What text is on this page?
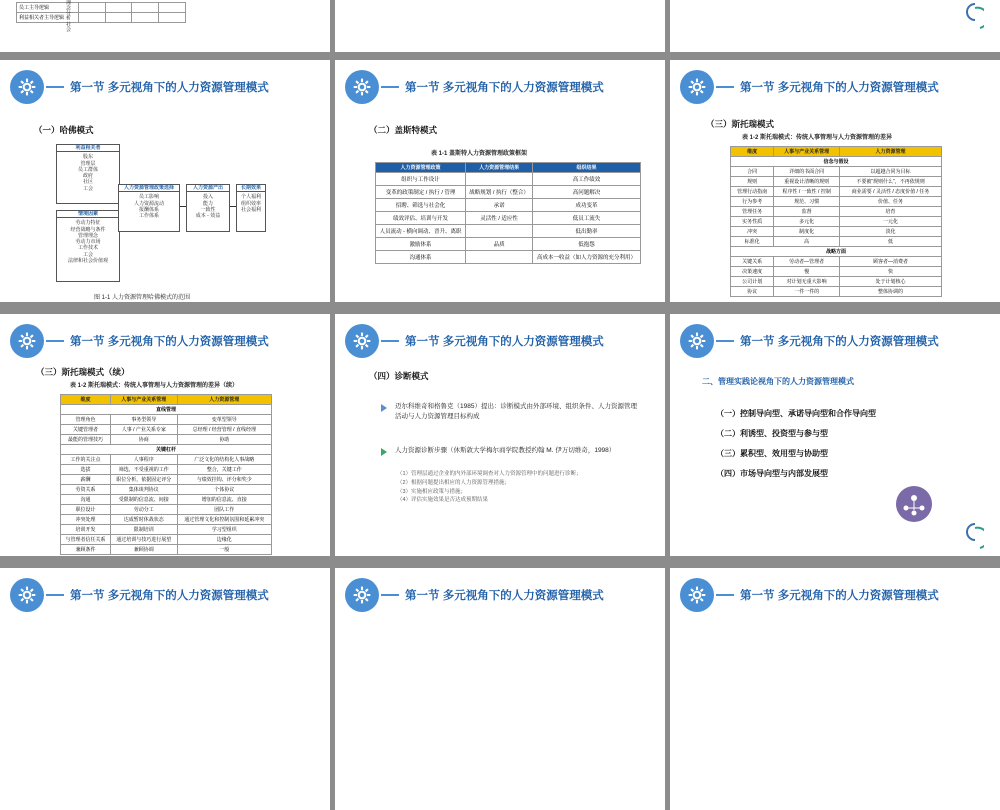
员工主导逻辑				
利益相关者主导逻辑				理念分析 社会
第一节 多元视角下的人力资源管理模式
（一）哈佛模式
利益相关者
股东
管理层
员工群体
政府
社区
工会
情境因素
劳动力特征
经营战略与条件
管理理念
劳动力市场
工作技术
工会
法律和社会价值观
人力资源管理政策选择
员工影响
人力资源流动
报酬体系
工作体系
人力资源产出
投入
能力
一致性
成本 - 效益
长期效果
个人福利
组织效率
社会福利
图 1-1 人力资源管理哈佛模式的范围
第一节 多元视角下的人力资源管理模式
（二）盖斯特模式
表 1-1 盖斯特人力资源管理政策框架
人力资源管理政策	人力资源管理结果	组织结果
组织与工作设计		高工作绩效
变革的政策制定 / 执行 / 管理	战略规划 / 执行（整合）	高问题解决
招聘、筛选与社会化	承诺	成功变革
绩效评估、培训与开发	灵活性 / 适应性	低员工流失
人员流动 - 横向调动、晋升、离职		低出勤率
激励体系	品质	低抱怨
沟通体系		高成本一收益（如人力资源的充分利用）
第一节 多元视角下的人力资源管理模式
（三）斯托瑞模式
表 1-2 斯托瑞模式：传统人事管理与人力资源管理的差异
维度	人事与产业关系管理	人力资源管理
信念与假设		
合同	详细的书面合同	以超越合同为目标
规则	重视设计清晰的规则	不要被“规则什么”，不再依规则
管理行动指南	程序性 / 一致性 / 控制	商业需要 / 灵活性 / 态度价值 / 任务
行为参考	规范、习惯	价值、任务
管理任务	监督	培育
实务性质	多元化	一元化
冲突	制度化	淡化
标准化	高	低
战略方面		
关键关系	劳动者—管理者	顾客者—消费者
决策速度	慢	快
公司计划	对计划无重大影响	处于计划核心
协议	一件一件的	整体协调的
第一节 多元视角下的人力资源管理模式
（三）斯托瑞模式（续）
表 1-2 斯托瑞模式：传统人事管理与人力资源管理的差异（续）
维度	人事与产业关系管理	人力资源管理
直线管理		
管理角色	事务型领导	变革型领导
关键管理者	人事 / 产业关系专家	总经理 / 经营管理 / 直线经理
最能的管理技巧	协商	协助
关键杠杆		
工作的关注点	人事程序	广泛文化的结构化人事战略
选拔	筛选，不受重视的工作	整合，关键工作
薪酬	职位分析，依据固定评分	与绩效挂钩、评分和奖少
劳资关系	集体谈判协议	个体协议
沟通	受限制的信息流、间接	增加的信息流、直接
职位设计	劳动分工	团队工作
冲突处理	达成暂时休战状态	通过管理文化和控制氛围和延累冲突
培训开发	限制培训	学习型组织
与管理者信任关系	通过培训与技巧进行展望	边缘化
兼顾条件	兼顾协调	一般
第一节 多元视角下的人力资源管理模式
（四）诊断模式
迈尔科维奇和格鲁克（1985）提出：诊断模式由外部环境、组织条件、人力资源管理活动与人力资源管理目标构成
人力资源诊断步骤（休斯敦大学梅尔商学院教授约翰 M. 伊万切维奇，1998）
（1）管理层通过企业的内外部环境调查对人力资源管理中的问题进行诊断；
（2）根据问题提出相应的人力资源管理措施；
（3）实施相应政策与措施；
（4）评估实施效果是否达成预期结果
第一节 多元视角下的人力资源管理模式
二、管理实践论视角下的人力资源管理模式
（一）控制导向型、承诺导向型和合作导向型
（二）利诱型、投资型与参与型
（三）累积型、效用型与协助型
（四）市场导向型与内部发展型
第一节 多元视角下的人力资源管理模式	第一节 多元视角下的人力资源管理模式	第一节 多元视角下的人力资源管理模式
